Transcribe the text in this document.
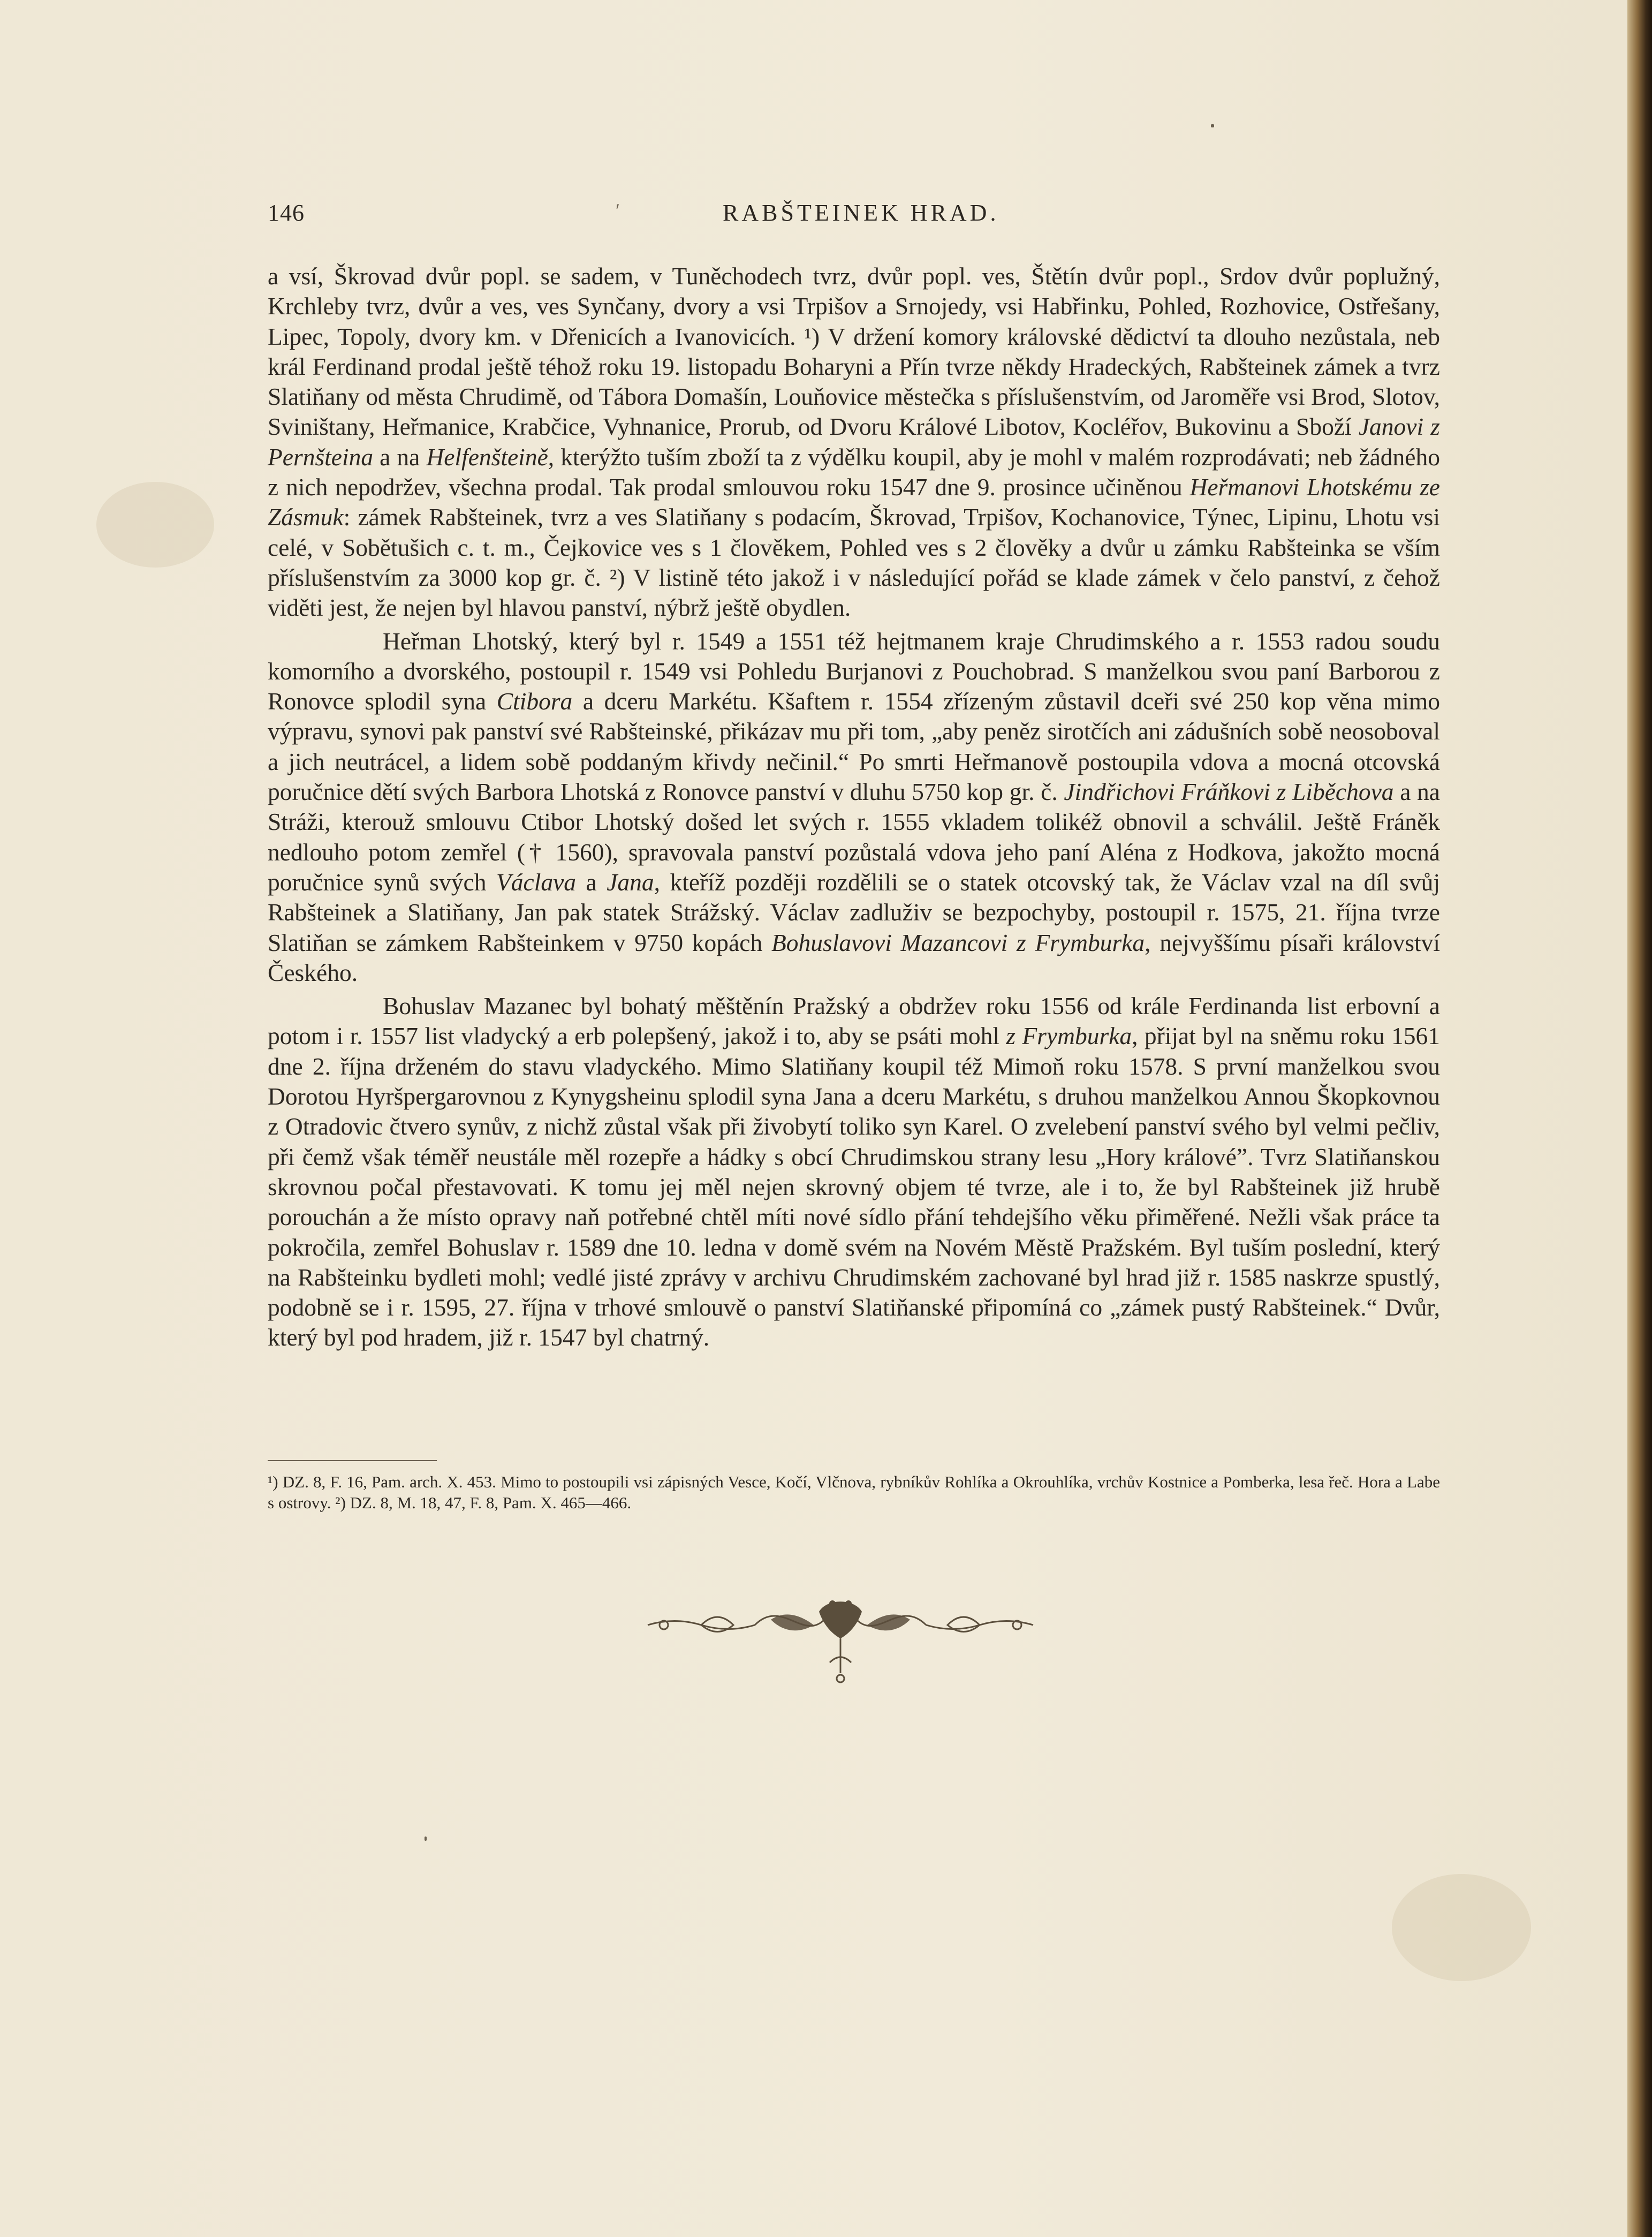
146	ʹ	RABŠTEINEK HRAD.

a vsí, Škrovad dvůr popl. se sadem, v Tuněchodech tvrz, dvůr popl. ves, Štětín dvůr popl., Srdov dvůr poplužný, Krchleby tvrz, dvůr a ves, ves Synčany, dvory a vsi Trpišov a Srnojedy, vsi Habřinku, Pohled, Rozhovice, Ostřešany, Lipec, Topoly, dvory km. v Dřenicích a Ivanovicích. ¹) V držení komory královské dědictví ta dlouho nezůstala, neb král Ferdinand prodal ještě téhož roku 19. listopadu Boharyni a Přín tvrze někdy Hradeckých, Rabšteinek zámek a tvrz Slatiňany od města Chrudimě, od Tábora Domašín, Louňovice městečka s příslušenstvím, od Jaroměře vsi Brod, Slotov, Sviništany, Heřmanice, Krabčice, Vyhnanice, Prorub, od Dvoru Králové Libotov, Kocléřov, Bukovinu a Sboží Janovi z Pernšteina a na Helfenšteině, kterýžto tuším zboží ta z výdělku koupil, aby je mohl v malém rozprodávati; neb žádného z nich nepodržev, všechna prodal. Tak prodal smlouvou roku 1547 dne 9. prosince učiněnou Heřmanovi Lhotskému ze Zásmuk: zámek Rabšteinek, tvrz a ves Slatiňany s podacím, Škrovad, Trpišov, Kochanovice, Týnec, Lipinu, Lhotu vsi celé, v Sobětušich c. t. m., Čejkovice ves s 1 člověkem, Pohled ves s 2 člověky a dvůr u zámku Rabšteinka se vším příslušenstvím za 3000 kop gr. č. ²) V listině této jakož i v následující pořád se klade zámek v čelo panství, z čehož viděti jest, že nejen byl hlavou panství, nýbrž ještě obydlen.

Heřman Lhotský, který byl r. 1549 a 1551 též hejtmanem kraje Chrudimského a r. 1553 radou soudu komorního a dvorského, postoupil r. 1549 vsi Pohledu Burjanovi z Pouchobrad. S manželkou svou paní Barborou z Ronovce splodil syna Ctibora a dceru Markétu. Kšaftem r. 1554 zřízeným zůstavil dceři své 250 kop věna mimo výpravu, synovi pak panství své Rabšteinské, přikázav mu při tom, „aby peněz sirotčích ani zádušních sobě neosoboval a jich neutrácel, a lidem sobě poddaným křivdy nečinil.“ Po smrti Heřmanově postoupila vdova a mocná otcovská poručnice dětí svých Barbora Lhotská z Ronovce panství v dluhu 5750 kop gr. č. Jindřichovi Fráňkovi z Liběchova a na Stráži, kterouž smlouvu Ctibor Lhotský došed let svých r. 1555 vkladem tolikéž obnovil a schválil. Ještě Fráněk nedlouho potom zemřel († 1560), spravovala panství pozůstalá vdova jeho paní Aléna z Hodkova, jakožto mocná poručnice synů svých Václava a Jana, kteříž později rozdělili se o statek otcovský tak, že Václav vzal na díl svůj Rabšteinek a Slatiňany, Jan pak statek Strážský. Václav zadluživ se bezpochyby, postoupil r. 1575, 21. října tvrze Slatiňan se zámkem Rabšteinkem v 9750 kopách Bohuslavovi Mazancovi z Frymburka, nejvyššímu písaři království Českého.

Bohuslav Mazanec byl bohatý měštěnín Pražský a obdržev roku 1556 od krále Ferdinanda list erbovní a potom i r. 1557 list vladycký a erb polepšený, jakož i to, aby se psáti mohl z Frymburka, přijat byl na sněmu roku 1561 dne 2. října drženém do stavu vladyckého. Mimo Slatiňany koupil též Mimoň roku 1578. S první manželkou svou Dorotou Hyršpergarovnou z Kynygsheinu splodil syna Jana a dceru Markétu, s druhou manželkou Annou Škopkovnou z Otradovic čtvero synův, z nichž zůstal však při živobytí toliko syn Karel. O zvelebení panství svého byl velmi pečliv, při čemž však téměř neustále měl rozepře a hádky s obcí Chrudimskou strany lesu „Hory královéˮ. Tvrz Slatiňanskou skrovnou počal přestavovati. K tomu jej měl nejen skrovný objem té tvrze, ale i to, že byl Rabšteinek již hrubě porouchán a že místo opravy naň potřebné chtěl míti nové sídlo přání tehdejšího věku přiměřené. Nežli však práce ta pokročila, zemřel Bohuslav r. 1589 dne 10. ledna v domě svém na Novém Městě Pražském. Byl tuším poslední, který na Rabšteinku bydleti mohl; vedlé jisté zprávy v archivu Chrudimském zachované byl hrad již r. 1585 naskrze spustlý, podobně se i r. 1595, 27. října v trhové smlouvě o panství Slatiňanské připomíná co „zámek pustý Rabšteinek.“ Dvůr, který byl pod hradem, již r. 1547 byl chatrný.

¹) DZ. 8, F. 16, Pam. arch. X. 453. Mimo to postoupili vsi zápisných Vesce, Kočí, Vlčnova, rybníkův Rohlíka a Okrouhlíka, vrchův Kostnice a Pomberka, lesa řeč. Hora a Labe s ostrovy. ²) DZ. 8, M. 18, 47, F. 8, Pam. X. 465—466.
